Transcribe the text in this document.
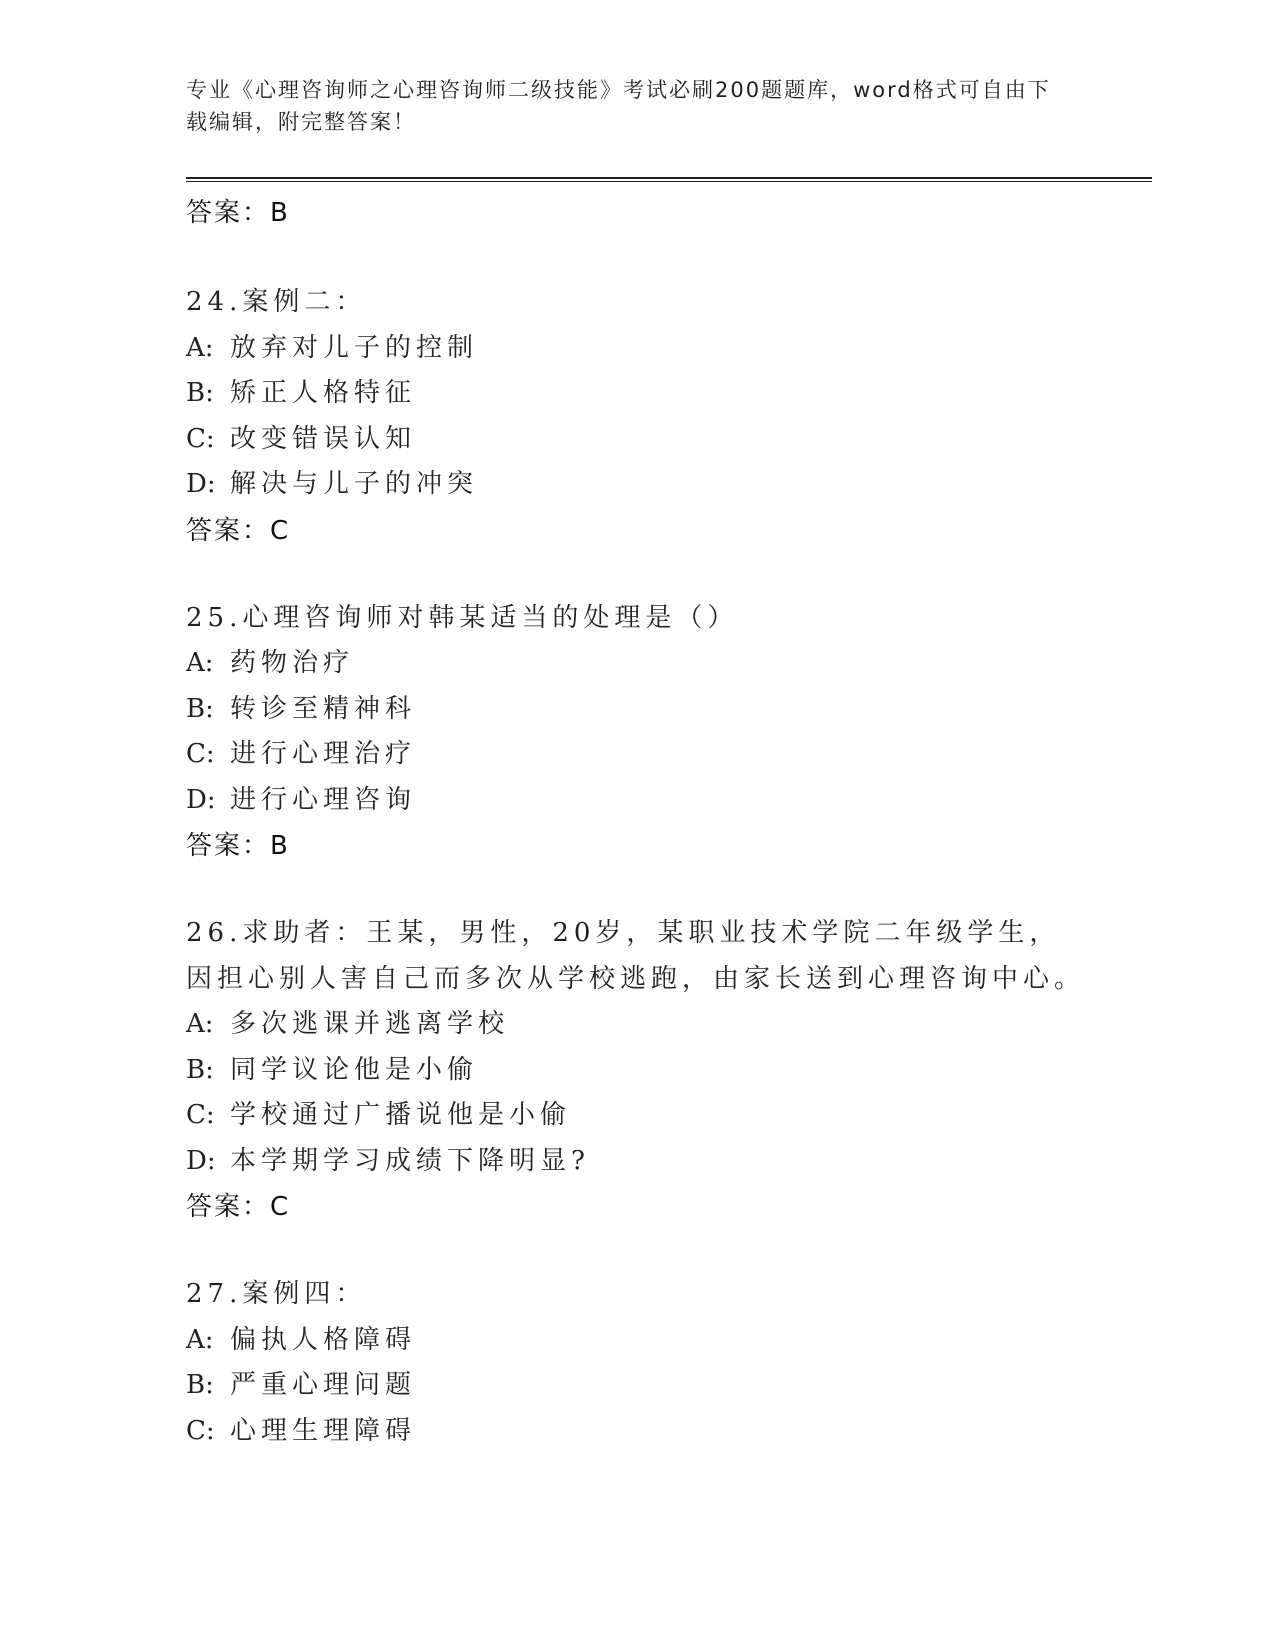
专业《心理咨询师之心理咨询师二级技能》考试必刷200题题库，word格式可自由下载编辑，附完整答案！
答案：B
24.案例二：
A: 放弃对儿子的控制
B: 矫正人格特征
C: 改变错误认知
D: 解决与儿子的冲突
答案：C
25.心理咨询师对韩某适当的处理是（）
A: 药物治疗
B: 转诊至精神科
C: 进行心理治疗
D: 进行心理咨询
答案：B
26.求助者：王某，男性，20岁，某职业技术学院二年级学生，因担心别人害自己而多次从学校逃跑，由家长送到心理咨询中心。
A: 多次逃课并逃离学校
B: 同学议论他是小偷
C: 学校通过广播说他是小偷
D: 本学期学习成绩下降明显?
答案：C
27.案例四：
A: 偏执人格障碍
B: 严重心理问题
C: 心理生理障碍
